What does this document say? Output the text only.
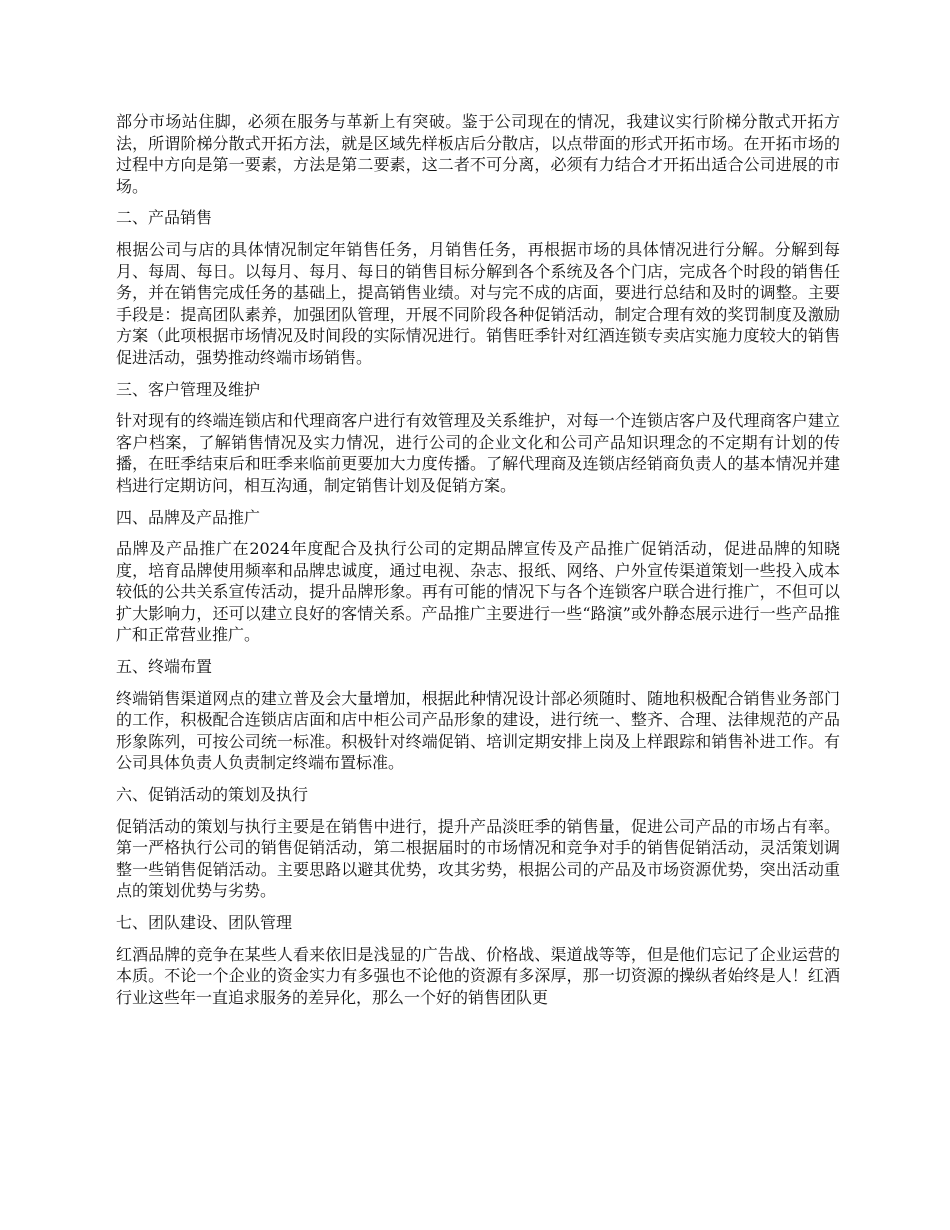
部分市场站住脚，必须在服务与革新上有突破。鉴于公司现在的情况，我建议实行阶梯分散式开拓方法，所谓阶梯分散式开拓方法，就是区域先样板店后分散店，以点带面的形式开拓市场。在开拓市场的过程中方向是第一要素，方法是第二要素，这二者不可分离，必须有力结合才开拓出适合公司进展的市场。

二、产品销售

根据公司与店的具体情况制定年销售任务，月销售任务，再根据市场的具体情况进行分解。分解到每月、每周、每日。以每月、每月、每日的销售目标分解到各个系统及各个门店，完成各个时段的销售任务，并在销售完成任务的基础上，提高销售业绩。对与完不成的店面，要进行总结和及时的调整。主要手段是：提高团队素养，加强团队管理，开展不同阶段各种促销活动，制定合理有效的奖罚制度及激励方案（此项根据市场情况及时间段的实际情况进行。销售旺季针对红酒连锁专卖店实施力度较大的销售促进活动，强势推动终端市场销售。

三、客户管理及维护

针对现有的终端连锁店和代理商客户进行有效管理及关系维护，对每一个连锁店客户及代理商客户建立客户档案，了解销售情况及实力情况，进行公司的企业文化和公司产品知识理念的不定期有计划的传播，在旺季结束后和旺季来临前更要加大力度传播。了解代理商及连锁店经销商负责人的基本情况并建档进行定期访问，相互沟通，制定销售计划及促销方案。

四、品牌及产品推广

品牌及产品推广在2024年度配合及执行公司的定期品牌宣传及产品推广促销活动，促进品牌的知晓度，培育品牌使用频率和品牌忠诚度，通过电视、杂志、报纸、网络、户外宣传渠道策划一些投入成本较低的公共关系宣传活动，提升品牌形象。再有可能的情况下与各个连锁客户联合进行推广，不但可以扩大影响力，还可以建立良好的客情关系。产品推广主要进行一些“路演”或外静态展示进行一些产品推广和正常营业推广。

五、终端布置

终端销售渠道网点的建立普及会大量增加，根据此种情况设计部必须随时、随地积极配合销售业务部门的工作，积极配合连锁店店面和店中柜公司产品形象的建设，进行统一、整齐、合理、法律规范的产品形象陈列，可按公司统一标准。积极针对终端促销、培训定期安排上岗及上样跟踪和销售补进工作。有公司具体负责人负责制定终端布置标准。

六、促销活动的策划及执行

促销活动的策划与执行主要是在销售中进行，提升产品淡旺季的销售量，促进公司产品的市场占有率。第一严格执行公司的销售促销活动，第二根据届时的市场情况和竞争对手的销售促销活动，灵活策划调整一些销售促销活动。主要思路以避其优势，攻其劣势，根据公司的产品及市场资源优势，突出活动重点的策划优势与劣势。

七、团队建设、团队管理

红酒品牌的竞争在某些人看来依旧是浅显的广告战、价格战、渠道战等等，但是他们忘记了企业运营的本质。不论一个企业的资金实力有多强也不论他的资源有多深厚，那一切资源的操纵者始终是人！红酒行业这些年一直追求服务的差异化，那么一个好的销售团队更
